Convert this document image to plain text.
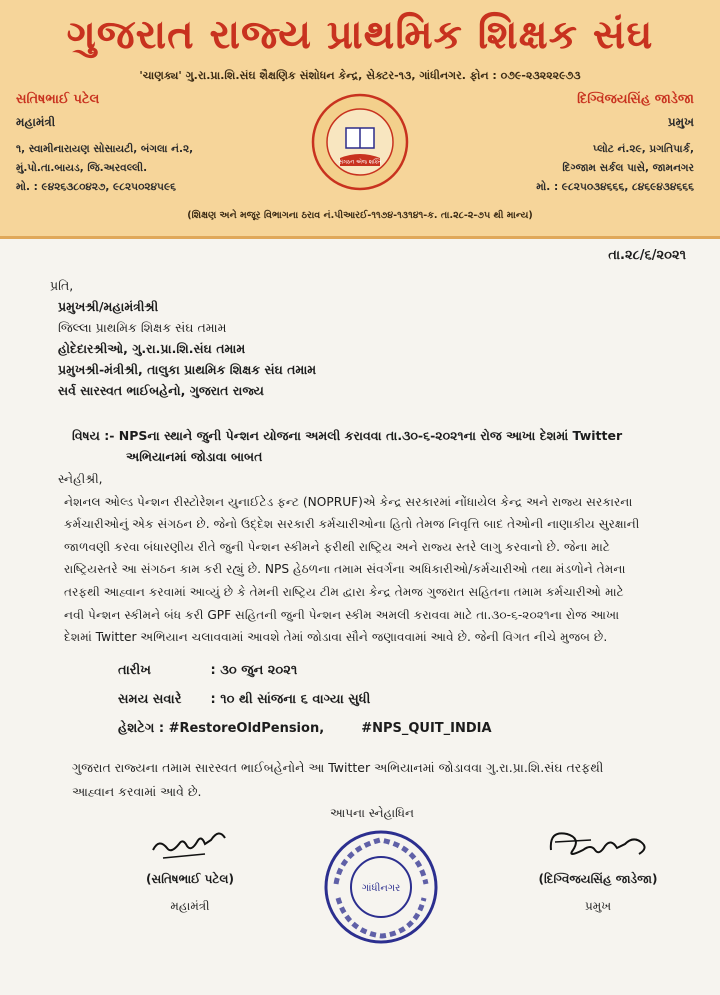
ગુજરાત રાજ્ય પ્રાથમિક શિક્ષક સંઘ
'ચાણક્ય' ગુ.રા.પ્રા.શિ.સંઘ શૈક્ષણિક સંશોધન કેન્દ્ર, સેક્ટર-૧૩, ગાંધીનગર. ફોન : ૦૭૯-૨૩૨૨૨૯૭૩
સતિષભાઈ પટેલ
મહામંત્રી
૧, સ્વામીનારાયણ સોસાયટી, બંગલા નં.૨,
મું.પો.તા.બાયડ, જિ.અરવલ્લી.
મો. : ૯૪૨૬૩૮૦૪૨૭, ૯૮૨૫૦૨૪૫૯૬
સંગઠન એજ શક્તિ
દિગ્વિજયસિંહ જાડેજા
પ્રમુખ
પ્લોટ નં.૨૯, પ્રગતિપાર્ક,
દિગ્જામ સર્કલ પાસે, જામનગર
મો. : ૯૮૨૫૦૩૪૬૬૬, ૮૪૬૯૪૩૪૬૬૬
(શિક્ષણ અને મજૂર વિભાગના ઠરાવ નં.પીઆરઈ-૧૧૭૪-૧૩૧૪૧-ક. તા.૨૮-૨-૭૫ થી માન્ય)
તા.૨૮/૬/૨૦૨૧
પ્રતિ,
પ્રમુખશ્રી/મહામંત્રીશ્રી
જિલ્લા પ્રાથમિક શિક્ષક સંઘ તમામ
હોદેદારશ્રીઓ, ગુ.રા.પ્રા.શિ.સંઘ તમામ
પ્રમુખશ્રી-મંત્રીશ્રી, તાલુકા પ્રાથમિક શિક્ષક સંઘ તમામ
સર્વ સારસ્વત ભાઈબહેનો, ગુજરાત રાજ્ય
વિષય :- NPSના સ્થાને જુની પેન્શન યોજના અમલી કરાવવા તા.૩૦-૬-૨૦૨૧ના રોજ આખા દેશમાં Twitter
અભિયાનમાં જોડાવા બાબત
સ્નેહીશ્રી,
નેશનલ ઓલ્ડ પેન્શન રીસ્ટોરેશન યુનાઈટેડ ફન્ટ (NOPRUF)એ કેન્દ્ર સરકારમાં નોંધાયેલ કેન્દ્ર અને રાજ્ય સરકારના
કર્મચારીઓનું એક સંગઠન છે. જેનો ઉદ્દેશ સરકારી કર્મચારીઓના હિતો તેમજ નિવૃત્તિ બાદ તેઓની નાણાકીય સુરક્ષાની
જાળવણી કરવા બંધારણીય રીતે જુની પેન્શન સ્કીમને ફરીથી રાષ્ટ્રિય અને રાજ્ય સ્તરે લાગુ કરવાનો છે. જેના માટે
રાષ્ટ્રિયસ્તરે આ સંગઠન કામ કરી રહ્યું છે. NPS હેઠળના તમામ સંવર્ગના અધિકારીઓ/કર્મચારીઓ તથા મંડળોને તેમના
તરફથી આહ્વાન કરવામાં આવ્યું છે કે તેમની રાષ્ટ્રિય ટીમ દ્વારા કેન્દ્ર તેમજ ગુજરાત સહિતના તમામ કર્મચારીઓ માટે
નવી પેન્શન સ્કીમને બંધ કરી GPF સહિતની જુની પેન્શન સ્કીમ અમલી કરાવવા માટે તા.૩૦-૬-૨૦૨૧ના રોજ આખા
દેશમાં Twitter અભિયાન ચલાવવામાં આવશે તેમાં જોડાવા સૌને જણાવવામાં આવે છે. જેની વિગત નીચે મુજબ છે.
તારીખ	: ૩૦ જુન ૨૦૨૧
સમય સવારે : ૧૦ થી સાંજના ૬ વાગ્યા સુધી
હેશટેગ : #RestoreOldPension,	#NPS_QUIT_INDIA
ગુજરાત રાજ્યના તમામ સારસ્વત ભાઈબહેનોને આ Twitter અભિયાનમાં જોડાવવા ગુ.રા.પ્રા.શિ.સંઘ તરફથી
આહ્વાન કરવામાં આવે છે.
આપના સ્નેહાધિન
(સતિષભાઈ પટેલ)
મહામંત્રી
ગાંધીનગર
(દિગ્વિજયસિંહ જાડેજા)
પ્રમુખ
